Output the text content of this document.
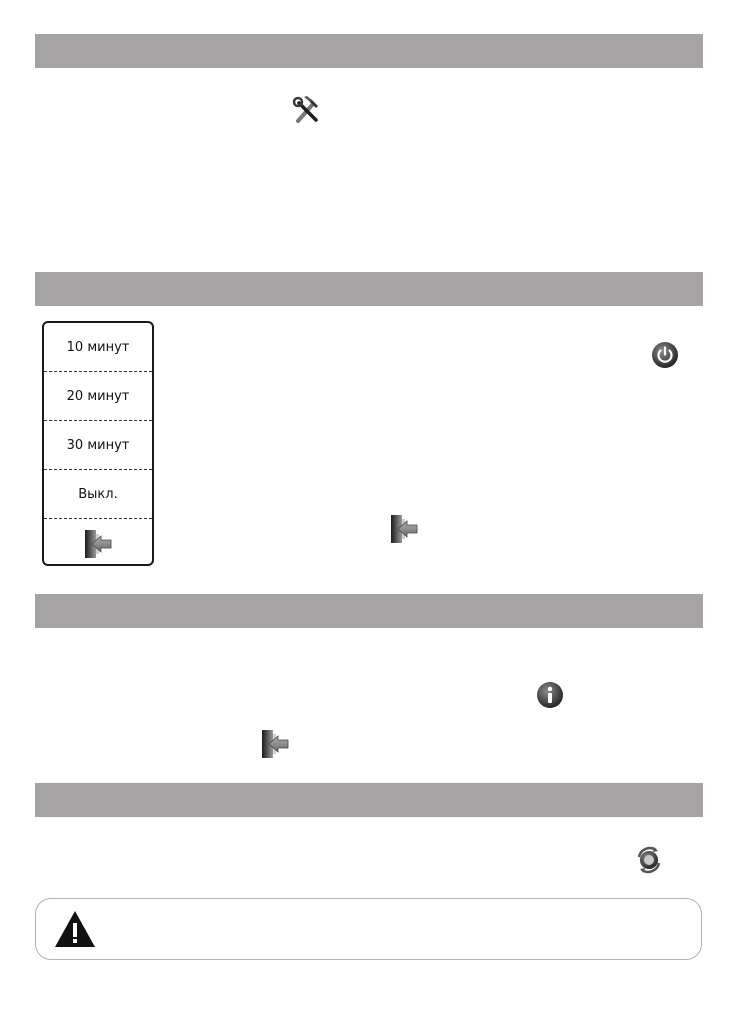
10 минут
20 минут
30 минут
Выкл.
